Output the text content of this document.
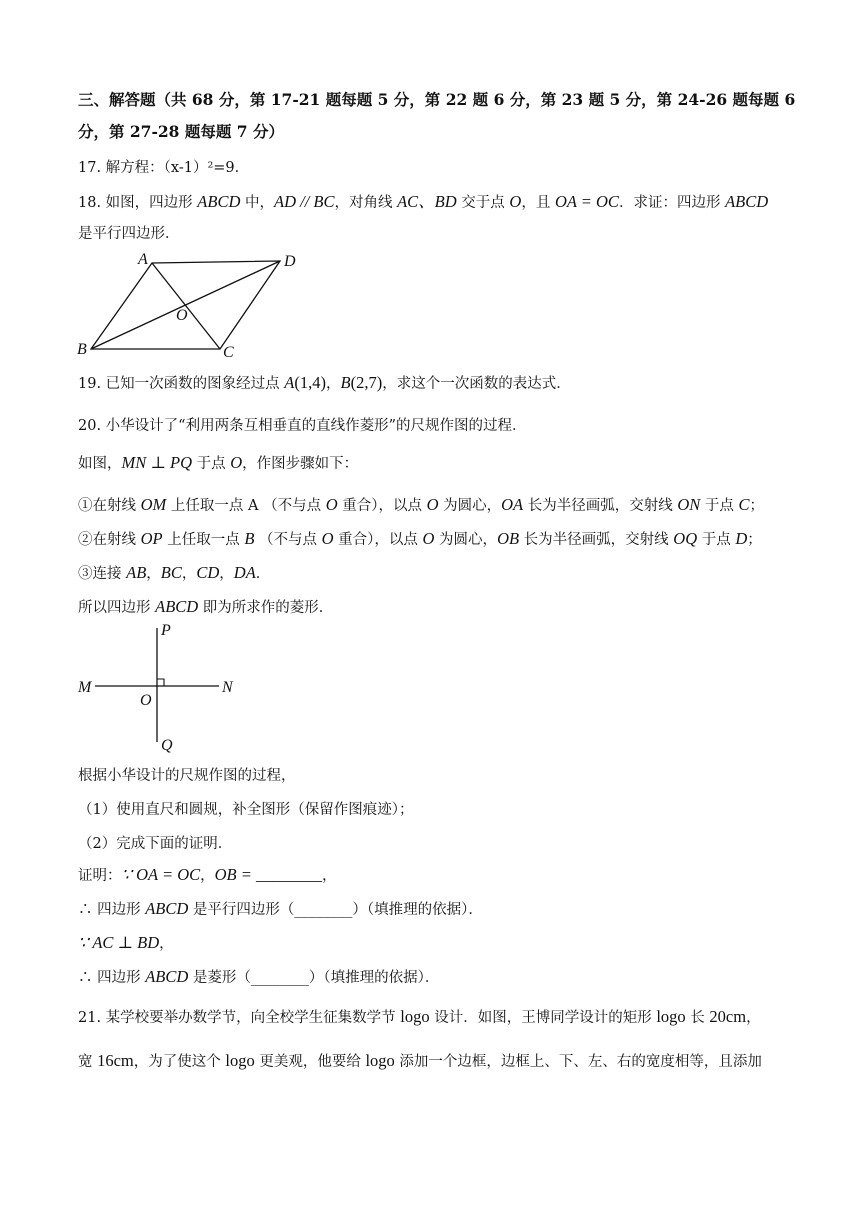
三、解答题（共 68 分，第 17-21 题每题 5 分，第 22 题 6 分，第 23 题 5 分，第 24-26 题每题 6
分，第 27-28 题每题 7 分）
17. 解方程：（x-1）²=9．
18. 如图，四边形 ABCD 中，AD // BC，对角线 AC、BD 交于点 O，且 OA = OC．求证：四边形 ABCD
是平行四边形．
A	D
O
B	C
19. 已知一次函数的图象经过点 A(1,4)，B(2,7)，求这个一次函数的表达式．
20. 小华设计了“利用两条互相垂直的直线作菱形”的尺规作图的过程．
如图，MN ⊥ PQ 于点 O，作图步骤如下：
①在射线 OM 上任取一点 A （不与点 O 重合），以点 O 为圆心，OA 长为半径画弧，交射线 ON 于点 C；
②在射线 OP 上任取一点 B （不与点 O 重合），以点 O 为圆心，OB 长为半径画弧，交射线 OQ 于点 D；
③连接 AB，BC，CD，DA．
所以四边形 ABCD 即为所求作的菱形．
P
M
O
N
Q
根据小华设计的尺规作图的过程，
（1）使用直尺和圆规，补全图形（保留作图痕迹）；
（2）完成下面的证明．
证明：∵ OA = OC，OB = ________，
∴ 四边形 ABCD 是平行四边形（________）（填推理的依据）．
∵ AC ⊥ BD，
∴ 四边形 ABCD 是菱形（________）（填推理的依据）．
21. 某学校要举办数学节，向全校学生征集数学节 logo 设计．如图，王博同学设计的矩形 logo 长 20cm，
宽 16cm，为了使这个 logo 更美观，他要给 logo 添加一个边框，边框上、下、左、右的宽度相等，且添加
